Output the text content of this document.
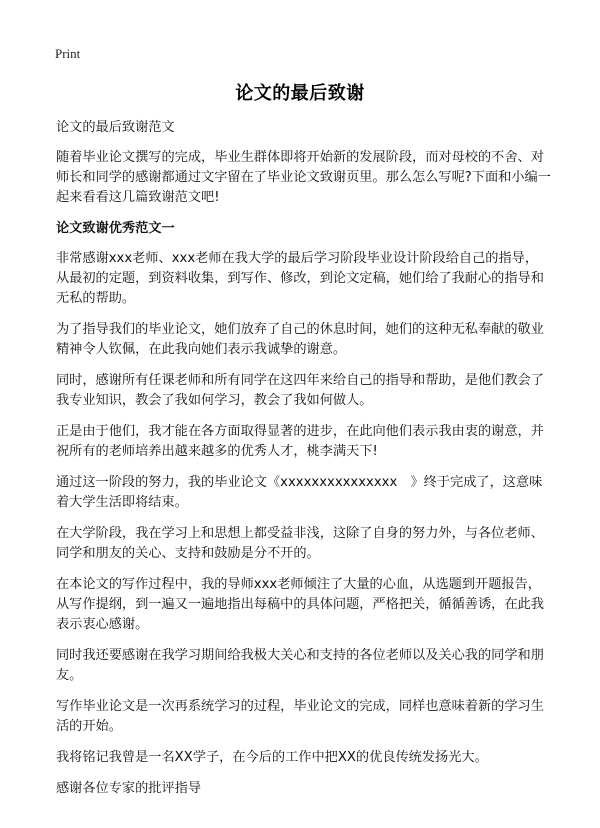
Print
论文的最后致谢

论文的最后致谢范文

随着毕业论文撰写的完成，毕业生群体即将开始新的发展阶段，而对母校的不舍、对师长和同学的感谢都通过文字留在了毕业论文致谢页里。那么怎么写呢?下面和小编一起来看看这几篇致谢范文吧!

论文致谢优秀范文一

非常感谢xxx老师、xxx老师在我大学的最后学习阶段毕业设计阶段给自己的指导，从最初的定题，到资料收集，到写作、修改，到论文定稿，她们给了我耐心的指导和无私的帮助。

为了指导我们的毕业论文，她们放弃了自己的休息时间，她们的这种无私奉献的敬业精神令人钦佩，在此我向她们表示我诚挚的谢意。

同时，感谢所有任课老师和所有同学在这四年来给自己的指导和帮助，是他们教会了我专业知识，教会了我如何学习，教会了我如何做人。

正是由于他们，我才能在各方面取得显著的进步，在此向他们表示我由衷的谢意，并祝所有的老师培养出越来越多的优秀人才，桃李满天下!

通过这一阶段的努力，我的毕业论文《xxxxxxxxxxxxxxx　》终于完成了，这意味着大学生活即将结束。

在大学阶段，我在学习上和思想上都受益非浅，这除了自身的努力外，与各位老师、同学和朋友的关心、支持和鼓励是分不开的。

在本论文的写作过程中，我的导师xxx老师倾注了大量的心血，从选题到开题报告，从写作提纲，到一遍又一遍地指出每稿中的具体问题，严格把关，循循善诱，在此我表示衷心感谢。

同时我还要感谢在我学习期间给我极大关心和支持的各位老师以及关心我的同学和朋友。

写作毕业论文是一次再系统学习的过程，毕业论文的完成，同样也意味着新的学习生活的开始。

我将铭记我曾是一名XX学子，在今后的工作中把XX的优良传统发扬光大。

感谢各位专家的批评指导
